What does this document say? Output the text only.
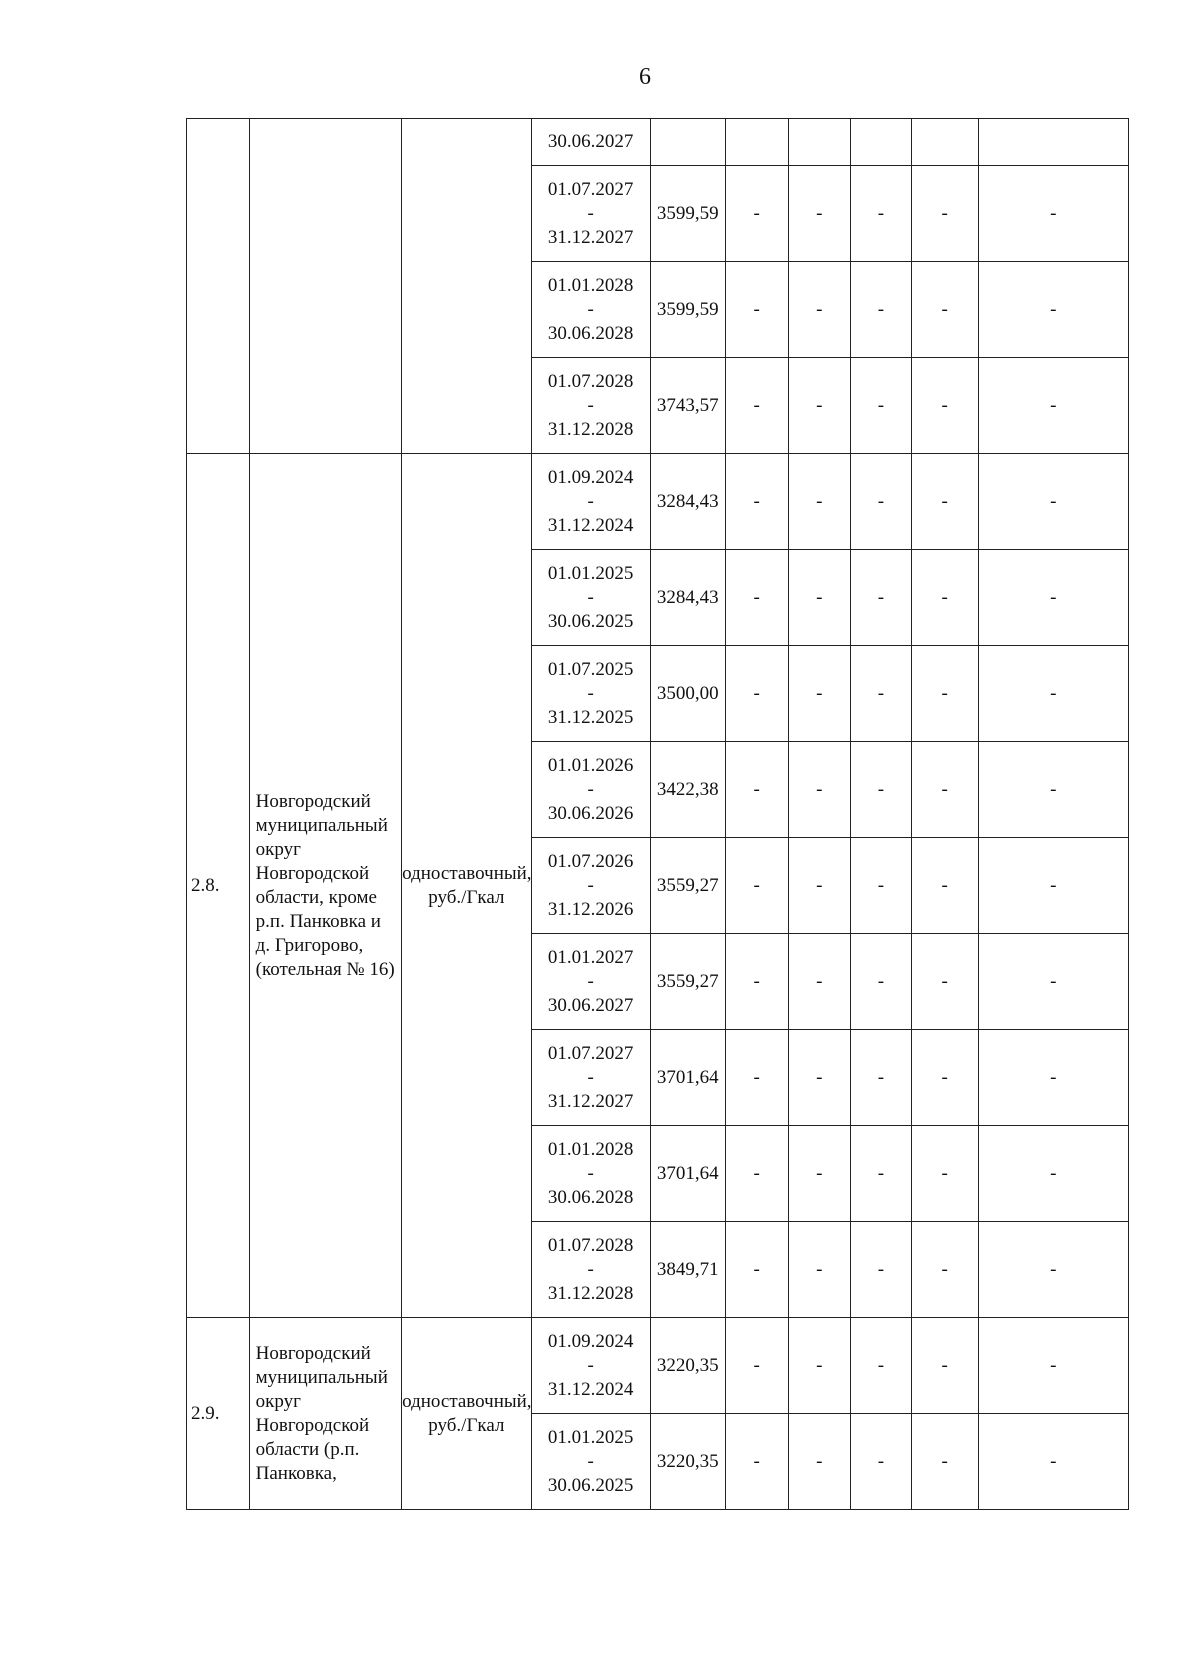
6

			30.06.2027						

			01.07.2027
-
31.12.2027	3599,59	-	-	-	-	-

			01.01.2028
-
30.06.2028	3599,59	-	-	-	-	-

			01.07.2028
-
31.12.2028	3743,57	-	-	-	-	-
2.8.	Новгородский муниципальный округ Новгородской области, кроме р.п. Панковка и д. Григорово, (котельная № 16)	одноставочный, руб./Гкал	01.09.2024
-
31.12.2024	3284,43	-	-	-	-	-

			01.01.2025
-
30.06.2025	3284,43	-	-	-	-	-

			01.07.2025
-
31.12.2025	3500,00	-	-	-	-	-

			01.01.2026
-
30.06.2026	3422,38	-	-	-	-	-

			01.07.2026
-
31.12.2026	3559,27	-	-	-	-	-

			01.01.2027
-
30.06.2027	3559,27	-	-	-	-	-

			01.07.2027
-
31.12.2027	3701,64	-	-	-	-	-

			01.01.2028
-
30.06.2028	3701,64	-	-	-	-	-

			01.07.2028
-
31.12.2028	3849,71	-	-	-	-	-
2.9.	Новгородский муниципальный округ Новгородской области (р.п. Панковка,	одноставочный, руб./Гкал	01.09.2024
-
31.12.2024	3220,35	-	-	-	-	-

			01.01.2025
-
30.06.2025	3220,35	-	-	-	-	-
